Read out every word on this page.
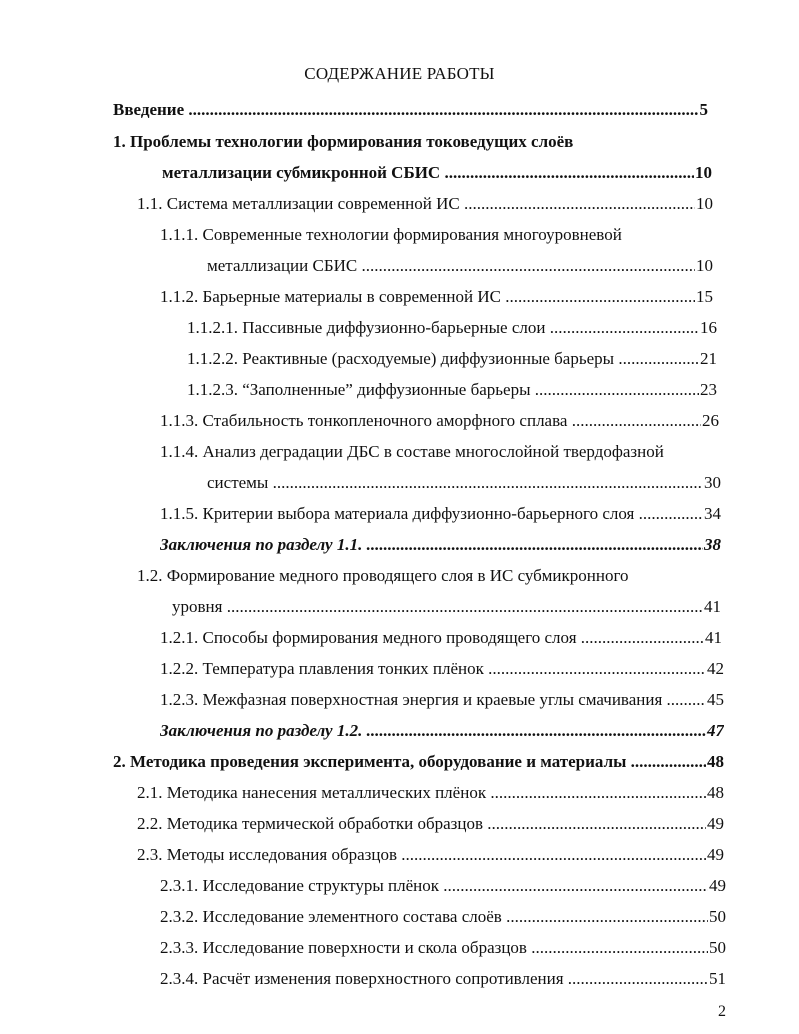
СОДЕРЖАНИЕ РАБОТЫ
Введение .....	5
1. Проблемы технологии формирования токоведущих слоёв
металлизации субмикронной СБИС .....	10
1.1. Система металлизации современной ИС .....	10
1.1.1. Современные технологии формирования многоуровневой
металлизации СБИС .....	10
1.1.2. Барьерные материалы в современной ИС .....	15
1.1.2.1. Пассивные диффузионно-барьерные слои .....	16
1.1.2.2. Реактивные (расходуемые) диффузионные барьеры .....	21
1.1.2.3. “Заполненные” диффузионные барьеры .....	23
1.1.3. Стабильность тонкопленочного аморфного сплава .....	26
1.1.4. Анализ деградации ДБС в составе многослойной твердофазной
системы .....	30
1.1.5. Критерии выбора материала диффузионно-барьерного слоя .....	34
Заключения по разделу 1.1. .....	38
1.2. Формирование медного проводящего слоя в ИС субмикронного
уровня .....	41
1.2.1. Способы формирования медного проводящего слоя .....	41
1.2.2. Температура плавления тонких плёнок .....	42
1.2.3. Межфазная поверхностная энергия и краевые углы смачивания .....	45
Заключения по разделу 1.2. .....	47
2. Методика проведения эксперимента, оборудование и материалы .....	48
2.1. Методика нанесения металлических плёнок .....	48
2.2. Методика термической обработки образцов .....	49
2.3. Методы исследования образцов .....	49
2.3.1. Исследование структуры плёнок .....	49
2.3.2. Исследование элементного состава слоёв .....	50
2.3.3. Исследование поверхности и скола образцов .....	50
2.3.4. Расчёт изменения поверхностного сопротивления .....	51
2
